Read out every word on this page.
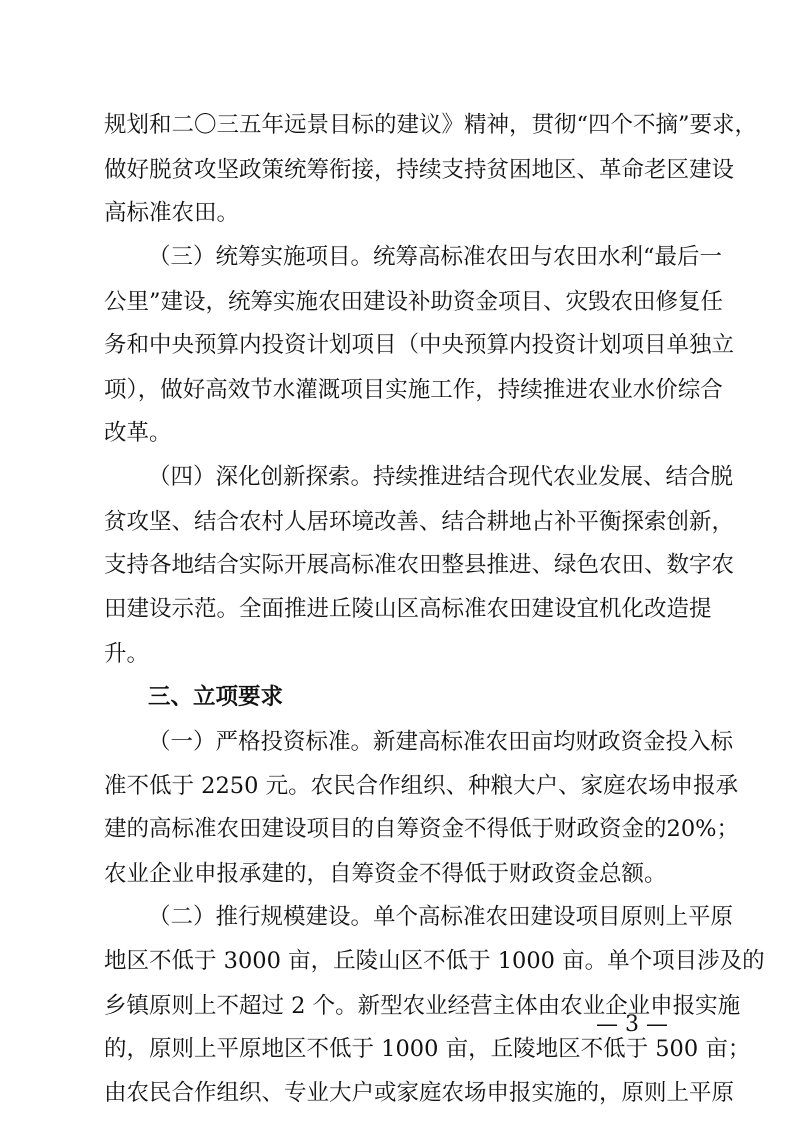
规划和二〇三五年远景目标的建议》精神，贯彻“四个不摘”要求，
做好脱贫攻坚政策统筹衔接，持续支持贫困地区、革命老区建设
高标准农田。
（三）统筹实施项目。统筹高标准农田与农田水利“最后一
公里”建设，统筹实施农田建设补助资金项目、灾毁农田修复任
务和中央预算内投资计划项目（中央预算内投资计划项目单独立
项），做好高效节水灌溉项目实施工作，持续推进农业水价综合
改革。
（四）深化创新探索。持续推进结合现代农业发展、结合脱
贫攻坚、结合农村人居环境改善、结合耕地占补平衡探索创新，
支持各地结合实际开展高标准农田整县推进、绿色农田、数字农
田建设示范。全面推进丘陵山区高标准农田建设宜机化改造提
升。
三、立项要求
（一）严格投资标准。新建高标准农田亩均财政资金投入标
准不低于 2250 元。农民合作组织、种粮大户、家庭农场申报承
建的高标准农田建设项目的自筹资金不得低于财政资金的20%；
农业企业申报承建的，自筹资金不得低于财政资金总额。
（二）推行规模建设。单个高标准农田建设项目原则上平原
地区不低于 3000 亩，丘陵山区不低于 1000 亩。单个项目涉及的
乡镇原则上不超过 2 个。新型农业经营主体由农业企业申报实施
的，原则上平原地区不低于 1000 亩，丘陵地区不低于 500 亩；
由农民合作组织、专业大户或家庭农场申报实施的，原则上平原
— 3 —
